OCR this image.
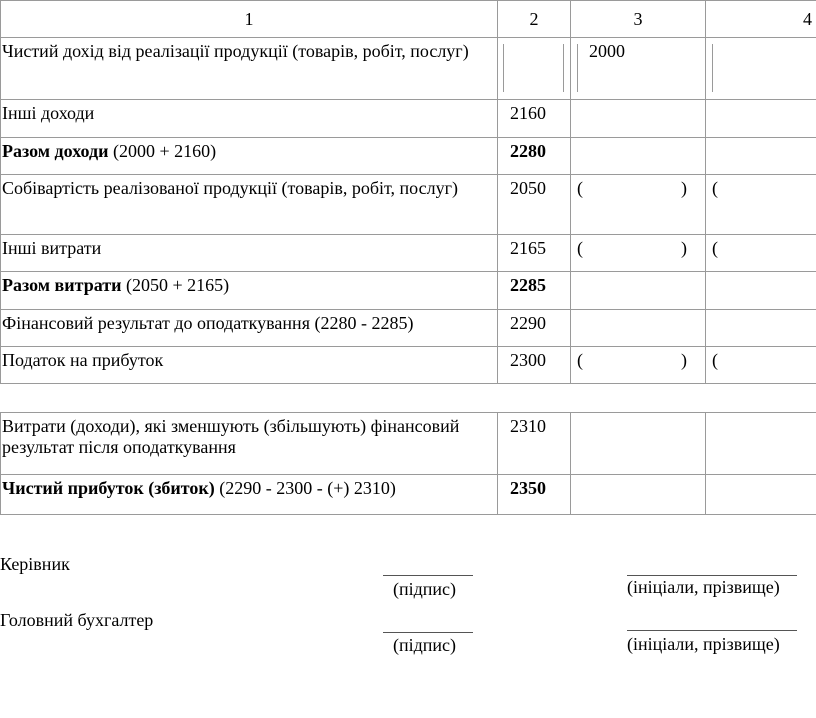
1	2	3	4
Чистий дохід від реалізації продукції (товарів, робіт, послуг)		2000	
Інші доходи	2160		
Разом доходи (2000 + 2160)	2280		
Собівартість реалізованої продукції (товарів, робіт, послуг)	2050	( )	(
Інші витрати	2165	( )	(
Разом витрати (2050 + 2165)	2285		
Фінансовий результат до оподаткування (2280 - 2285)	2290		
Податок на прибуток	2300	( )	(

Витрати (доходи), які зменшують (збільшують) фінансовий результат після оподаткування	2310		
Чистий прибуток (збиток) (2290 - 2300 - (+) 2310)	2350		
Керівник
(підпис)	(ініціали, прізвище)
Головний бухгалтер
(підпис)	(ініціали, прізвище)
